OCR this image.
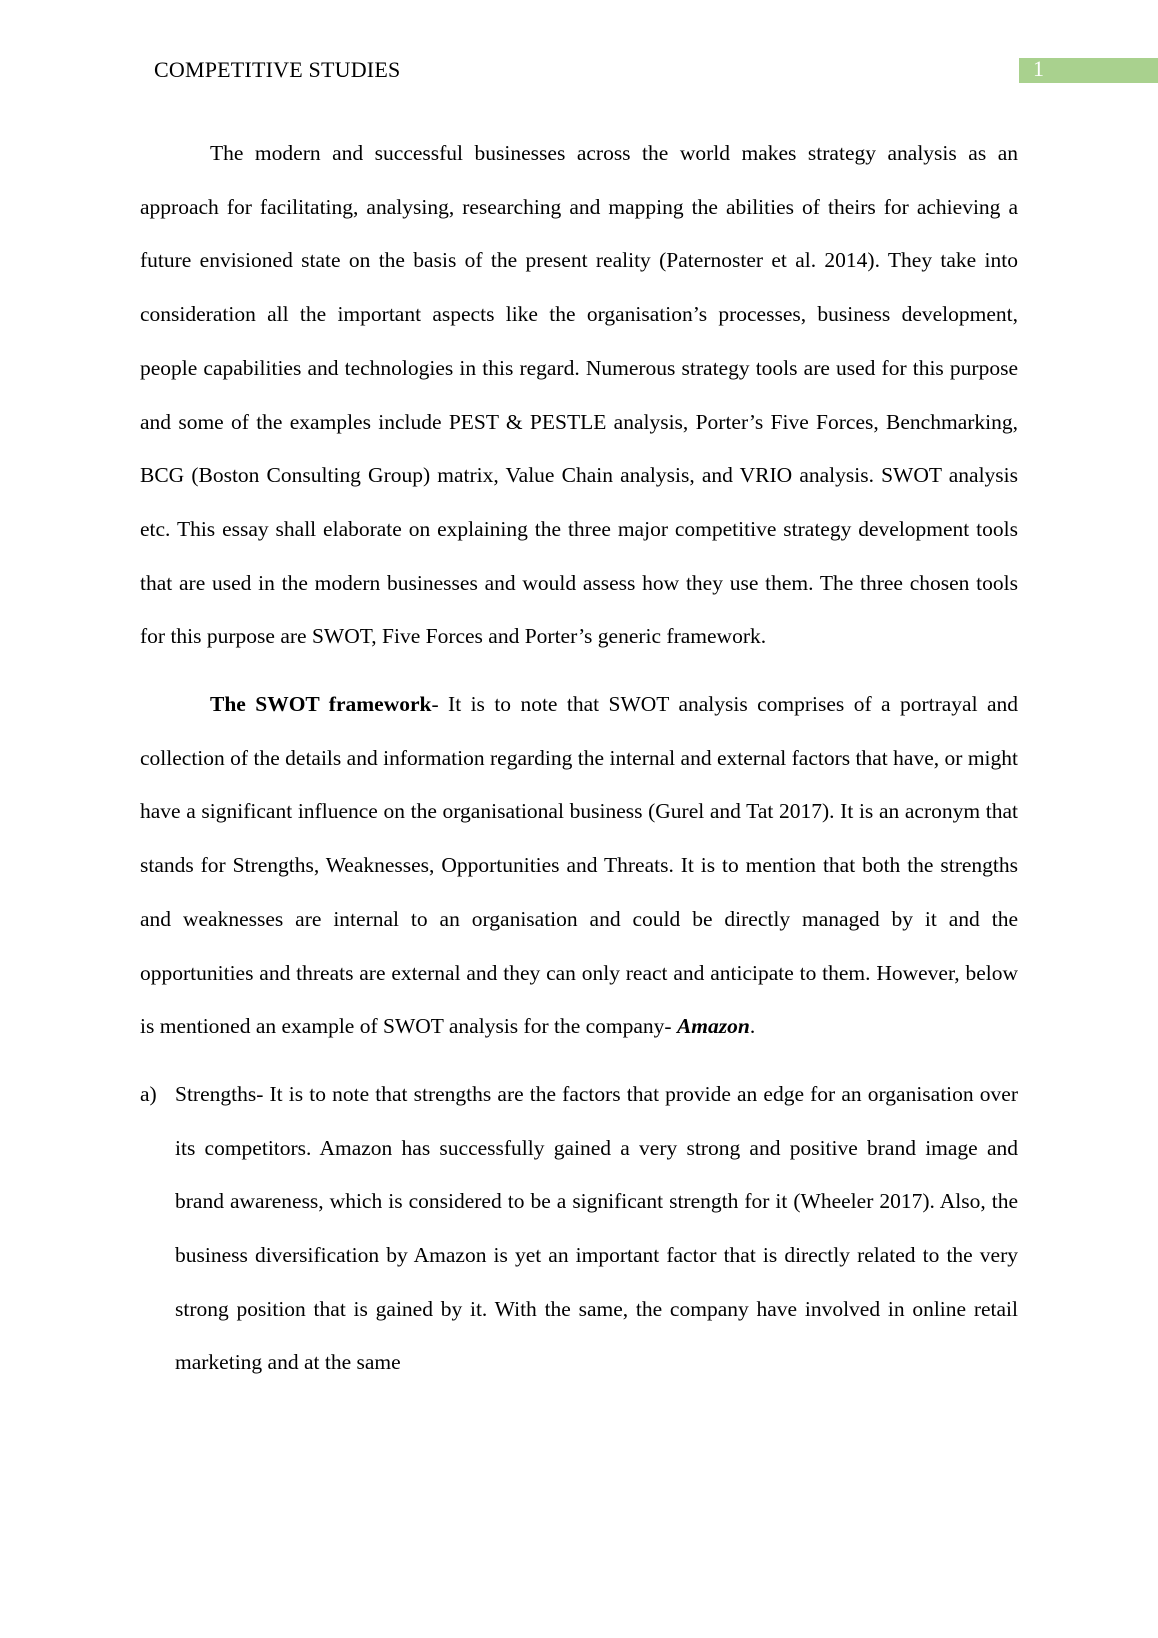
COMPETITIVE STUDIES	1

The modern and successful businesses across the world makes strategy analysis as an approach for facilitating, analysing, researching and mapping the abilities of theirs for achieving a future envisioned state on the basis of the present reality (Paternoster et al. 2014). They take into consideration all the important aspects like the organisation’s processes, business development, people capabilities and technologies in this regard. Numerous strategy tools are used for this purpose and some of the examples include PEST & PESTLE analysis, Porter’s Five Forces, Benchmarking, BCG (Boston Consulting Group) matrix, Value Chain analysis, and VRIO analysis. SWOT analysis etc. This essay shall elaborate on explaining the three major competitive strategy development tools that are used in the modern businesses and would assess how they use them. The three chosen tools for this purpose are SWOT, Five Forces and Porter’s generic framework.

The SWOT framework- It is to note that SWOT analysis comprises of a portrayal and collection of the details and information regarding the internal and external factors that have, or might have a significant influence on the organisational business (Gurel and Tat 2017). It is an acronym that stands for Strengths, Weaknesses, Opportunities and Threats. It is to mention that both the strengths and weaknesses are internal to an organisation and could be directly managed by it and the opportunities and threats are external and they can only react and anticipate to them. However, below is mentioned an example of SWOT analysis for the company- Amazon.

a) Strengths- It is to note that strengths are the factors that provide an edge for an organisation over its competitors. Amazon has successfully gained a very strong and positive brand image and brand awareness, which is considered to be a significant strength for it (Wheeler 2017). Also, the business diversification by Amazon is yet an important factor that is directly related to the very strong position that is gained by it. With the same, the company have involved in online retail marketing and at the same
